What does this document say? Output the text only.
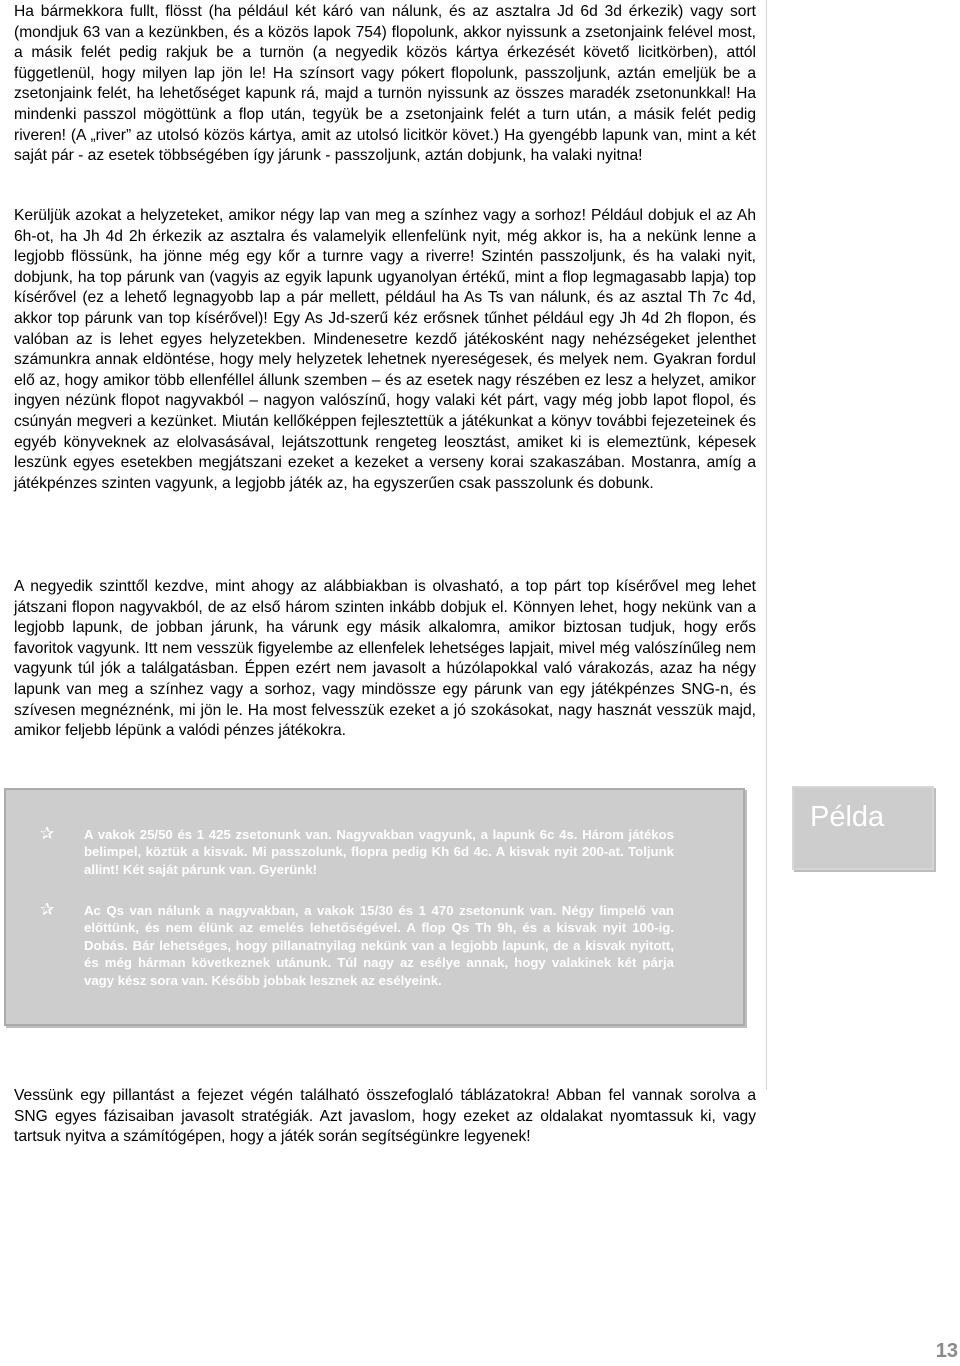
Ha bármekkora fullt, flösst (ha például két káró van nálunk, és az asztalra Jd 6d 3d érkezik) vagy sort (mondjuk 63 van a kezünkben, és a közös lapok 754) flopolunk, akkor nyissunk a zsetonjaink felével most, a másik felét pedig rakjuk be a turnön (a negyedik közös kártya érkezését követő licitkörben), attól függetlenül, hogy milyen lap jön le! Ha színsort vagy pókert flopolunk, passzoljunk, aztán emeljük be a zsetonjaink felét, ha lehetőséget kapunk rá, majd a turnön nyissunk az összes maradék zsetonunkkal! Ha mindenki passzol mögöttünk a flop után, tegyük be a zsetonjaink felét a turn után, a másik felét pedig riveren! (A „river” az utolsó közös kártya, amit az utolsó licitkör követ.) Ha gyengébb lapunk van, mint a két saját pár - az esetek többségében így járunk - passzoljunk, aztán dobjunk, ha valaki nyitna!

Kerüljük azokat a helyzeteket, amikor négy lap van meg a színhez vagy a sorhoz! Például dobjuk el az Ah 6h-ot, ha Jh 4d 2h érkezik az asztalra és valamelyik ellenfelünk nyit, még akkor is, ha a nekünk lenne a legjobb flössünk, ha jönne még egy kőr a turnre vagy a riverre! Szintén passzoljunk, és ha valaki nyit, dobjunk, ha top párunk van (vagyis az egyik lapunk ugyanolyan értékű, mint a flop legmagasabb lapja) top kísérővel (ez a lehető legnagyobb lap a pár mellett, például ha As Ts van nálunk, és az asztal Th 7c 4d, akkor top párunk van top kísérővel)! Egy As Jd-szerű kéz erősnek tűnhet például egy Jh 4d 2h flopon, és valóban az is lehet egyes helyzetekben. Mindenesetre kezdő játékosként nagy nehézségeket jelenthet számunkra annak eldöntése, hogy mely helyzetek lehetnek nyereségesek, és melyek nem. Gyakran fordul elő az, hogy amikor több ellenféllel állunk szemben – és az esetek nagy részében ez lesz a helyzet, amikor ingyen nézünk flopot nagyvakból – nagyon valószínű, hogy valaki két párt, vagy még jobb lapot flopol, és csúnyán megveri a kezünket. Miután kellőképpen fejlesztettük a játékunkat a könyv további fejezeteinek és egyéb könyveknek az elolvasásával, lejátszottunk rengeteg leosztást, amiket ki is elemeztünk, képesek leszünk egyes esetekben megjátszani ezeket a kezeket a verseny korai szakaszában. Mostanra, amíg a játékpénzes szinten vagyunk, a legjobb játék az, ha egyszerűen csak passzolunk és dobunk.

A negyedik szinttől kezdve, mint ahogy az alábbiakban is olvasható, a top párt top kísérővel meg lehet játszani flopon nagyvakból, de az első három szinten inkább dobjuk el. Könnyen lehet, hogy nekünk van a legjobb lapunk, de jobban járunk, ha várunk egy másik alkalomra, amikor biztosan tudjuk, hogy erős favoritok vagyunk. Itt nem vesszük figyelembe az ellenfelek lehetséges lapjait, mivel még valószínűleg nem vagyunk túl jók a találgatásban. Éppen ezért nem javasolt a húzólapokkal való várakozás, azaz ha négy lapunk van meg a színhez vagy a sorhoz, vagy mindössze egy párunk van egy játékpénzes SNG-n, és szívesen megnéznénk, mi jön le. Ha most felvesszük ezeket a jó szokásokat, nagy hasznát vesszük majd, amikor feljebb lépünk a valódi pénzes játékokra.

✰ A vakok 25/50 és 1 425 zsetonunk van. Nagyvakban vagyunk, a lapunk 6c 4s. Három játékos belimpel, köztük a kisvak. Mi passzolunk, flopra pedig Kh 6d 4c. A kisvak nyit 200-at. Toljunk allint! Két saját párunk van. Gyerünk!

✰ Ac Qs van nálunk a nagyvakban, a vakok 15/30 és 1 470 zsetonunk van. Négy limpelő van előttünk, és nem élünk az emelés lehetőségével. A flop Qs Th 9h, és a kisvak nyit 100-ig. Dobás. Bár lehetséges, hogy pillanatnyilag nekünk van a legjobb lapunk, de a kisvak nyitott, és még hárman következnek utánunk. Túl nagy az esélye annak, hogy valakinek két párja vagy kész sora van. Később jobbak lesznek az esélyeink.

Példa

Vessünk egy pillantást a fejezet végén található összefoglaló táblázatokra! Abban fel vannak sorolva a SNG egyes fázisaiban javasolt stratégiák. Azt javaslom, hogy ezeket az oldalakat nyomtassuk ki, vagy tartsuk nyitva a számítógépen, hogy a játék során segítségünkre legyenek!

13
